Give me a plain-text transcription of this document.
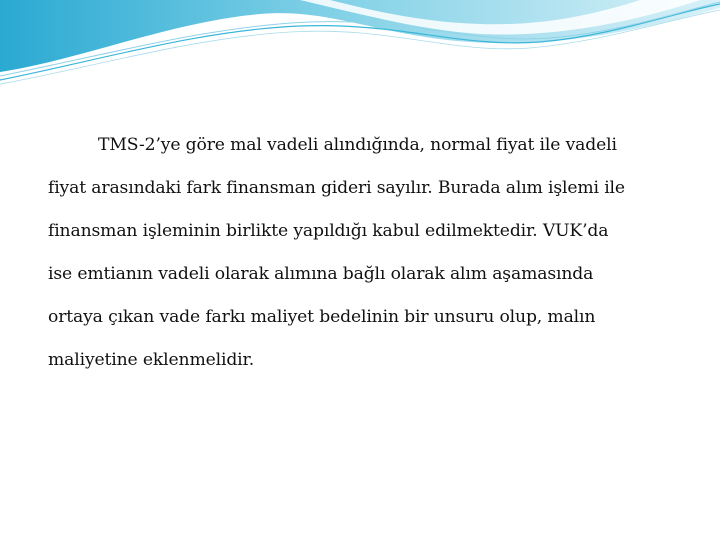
TMS-2’ye göre mal vadeli alındığında, normal fiyat ile vadeli
fiyat arasındaki fark finansman gideri sayılır. Burada alım işlemi ile
finansman işleminin birlikte yapıldığı kabul edilmektedir. VUK’da
ise emtianın vadeli olarak alımına bağlı olarak alım aşamasında
ortaya çıkan vade farkı maliyet bedelinin bir unsuru olup, malın
maliyetine eklenmelidir.
